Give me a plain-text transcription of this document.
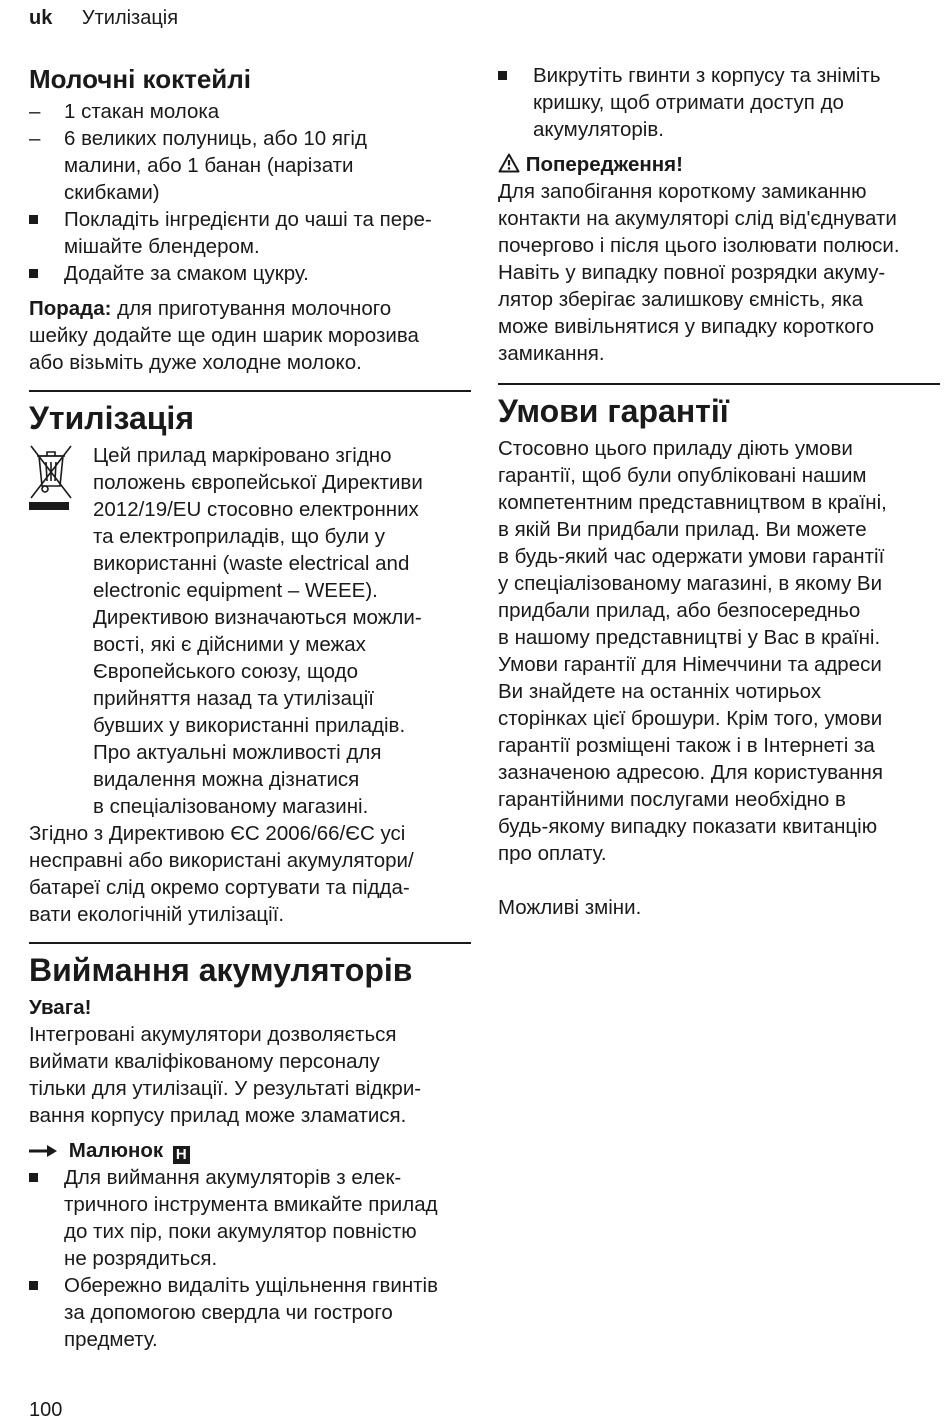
uk Утилізація
Молочні коктейлі
–	1 стакан молока
–	6 великих полуниць, або 10 ягід
малини, або 1 банан (нарізати
скибками)
Покладіть інгредієнти до чаші та пере-
мішайте блендером.
Додайте за смаком цукру.

Порада: для приготування молочного
шейку додайте ще один шарик морозива
або візьміть дуже холодне молоко.

Утилізація

Цей прилад маркіровано згідно
положень європейської Директиви
2012/19/EU стосовно електронних
та електроприладів, що були у
використанні (waste electrical and
electronic equipment – WEEE).
Директивою визначаються можли-
вості, які є дійсними у межах
Європейського союзу, щодо
прийняття назад та утилізації
бувших у використанні приладів.
Про актуальні можливості для
видалення можна дізнатися
в спеціалізованому магазині.

Згідно з Директивою ЄС 2006/66/ЄС усі
несправні або використані акумулятори/
батареї слід окремо сортувати та підда-
вати екологічній утилізації.

Виймання акумуляторів

Увага!

Інтегровані акумулятори дозволяється
виймати кваліфікованому персоналу
тільки для утилізації. У результаті відкри-
вання корпусу прилад може зламатися.

Малюнок H
Для виймання акумуляторів з елек-
тричного інструмента вмикайте прилад
до тих пір, поки акумулятор повністю
не розрядиться.
Обережно видаліть ущільнення гвинтів
за допомогою свердла чи гострого
предмету.
Викрутіть гвинти з корпусу та зніміть
кришку, щоб отримати доступ до
акумуляторів.
Попередження!

Для запобігання короткому замиканню
контакти на акумуляторі слід від'єднувати
почергово і після цього ізолювати полюси.
Навіть у випадку повної розрядки акуму-
лятор зберігає залишкову ємність, яка
може вивільнятися у випадку короткого
замикання.

Умови гарантії

Стосовно цього приладу діють умови
гарантії, щоб були опубліковані нашим
компетентним представництвом в країні,
в якій Ви придбали прилад. Ви можете
в будь-який час одержати умови гарантії
у спеціалізованому магазині, в якому Ви
придбали прилад, або безпосередньо
в нашому представництві у Вас в країні.
Умови гарантії для Німеччини та адреси
Ви знайдете на останніх чотирьох
сторінках цієї брошури. Крім того, умови
гарантії розміщені також і в Інтернеті за
зазначеною адресою. Для користування
гарантійними послугами необхідно в
будь-якому випадку показати квитанцію
про оплату.

Можливі зміни.

100
